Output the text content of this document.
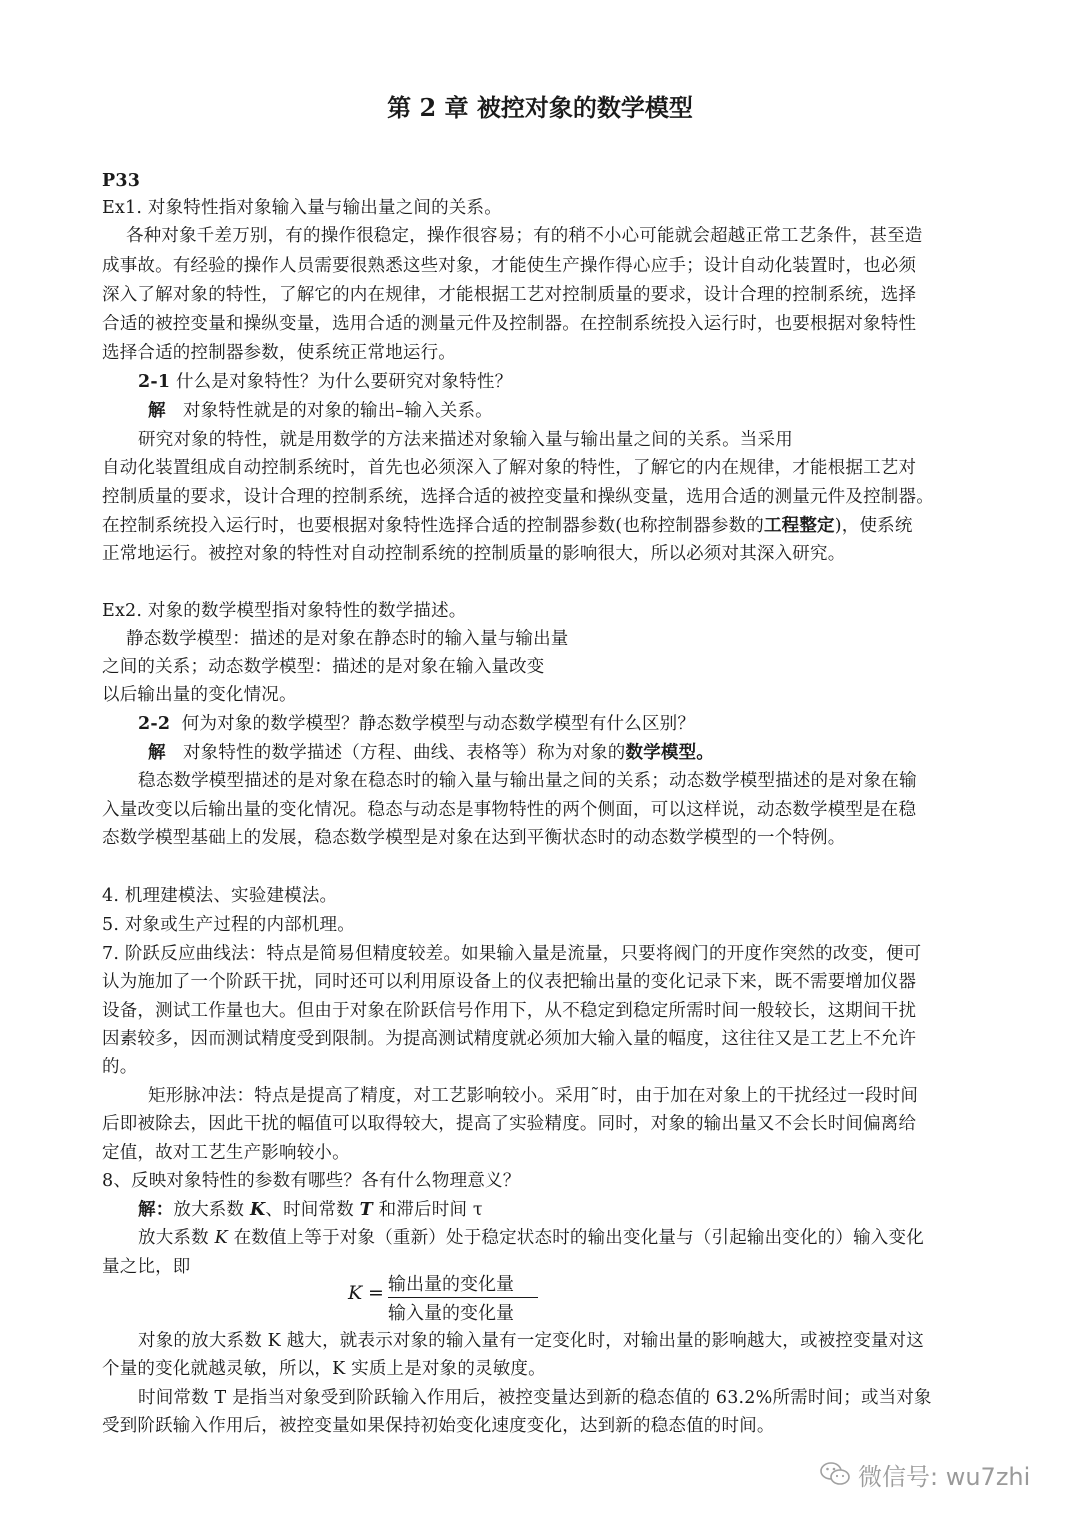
第 2 章 被控对象的数学模型
P33
Ex1. 对象特性指对象输入量与输出量之间的关系。
各种对象千差万别，有的操作很稳定，操作很容易；有的稍不小心可能就会超越正常工艺条件，甚至造
成事故。有经验的操作人员需要很熟悉这些对象，才能使生产操作得心应手；设计自动化装置时，也必须
深入了解对象的特性，了解它的内在规律，才能根据工艺对控制质量的要求，设计合理的控制系统，选择
合适的被控变量和操纵变量，选用合适的测量元件及控制器。在控制系统投入运行时，也要根据对象特性
选择合适的控制器参数，使系统正常地运行。
2-1 什么是对象特性？为什么要研究对象特性？
解 对象特性就是的对象的输出–输入关系。
研究对象的特性，就是用数学的方法来描述对象输入量与输出量之间的关系。当采用
自动化装置组成自动控制系统时，首先也必须深入了解对象的特性，了解它的内在规律，才能根据工艺对
控制质量的要求，设计合理的控制系统，选择合适的被控变量和操纵变量，选用合适的测量元件及控制器。
在控制系统投入运行时，也要根据对象特性选择合适的控制器参数(也称控制器参数的工程整定)，使系统
正常地运行。被控对象的特性对自动控制系统的控制质量的影响很大，所以必须对其深入研究。
Ex2. 对象的数学模型指对象特性的数学描述。
静态数学模型：描述的是对象在静态时的输入量与输出量
之间的关系；动态数学模型：描述的是对象在输入量改变
以后输出量的变化情况。
2-2 何为对象的数学模型？静态数学模型与动态数学模型有什么区别？
解 对象特性的数学描述（方程、曲线、表格等）称为对象的数学模型。
稳态数学模型描述的是对象在稳态时的输入量与输出量之间的关系；动态数学模型描述的是对象在输
入量改变以后输出量的变化情况。稳态与动态是事物特性的两个侧面，可以这样说，动态数学模型是在稳
态数学模型基础上的发展，稳态数学模型是对象在达到平衡状态时的动态数学模型的一个特例。
4. 机理建模法、实验建模法。
5. 对象或生产过程的内部机理。
7. 阶跃反应曲线法：特点是简易但精度较差。如果输入量是流量，只要将阀门的开度作突然的改变，便可
认为施加了一个阶跃干扰，同时还可以利用原设备上的仪表把输出量的变化记录下来，既不需要增加仪器
设备，测试工作量也大。但由于对象在阶跃信号作用下，从不稳定到稳定所需时间一般较长，这期间干扰
因素较多，因而测试精度受到限制。为提高测试精度就必须加大输入量的幅度，这往往又是工艺上不允许
的。
矩形脉冲法：特点是提高了精度，对工艺影响较小。采用˜时，由于加在对象上的干扰经过一段时间
后即被除去，因此干扰的幅值可以取得较大，提高了实验精度。同时，对象的输出量又不会长时间偏离给
定值，故对工艺生产影响较小。
8、反映对象特性的参数有哪些？各有什么物理意义？
解：放大系数 K、时间常数 T 和滞后时间 τ
放大系数 K 在数值上等于对象（重新）处于稳定状态时的输出变化量与（引起输出变化的）输入变化
量之比，即
K = 输出量的变化量
输入量的变化量
对象的放大系数 K 越大，就表示对象的输入量有一定变化时，对输出量的影响越大，或被控变量对这
个量的变化就越灵敏，所以，K 实质上是对象的灵敏度。
时间常数 T 是指当对象受到阶跃输入作用后，被控变量达到新的稳态值的 63.2%所需时间；或当对象
受到阶跃输入作用后，被控变量如果保持初始变化速度变化，达到新的稳态值的时间。
微信号: wu7zhi
